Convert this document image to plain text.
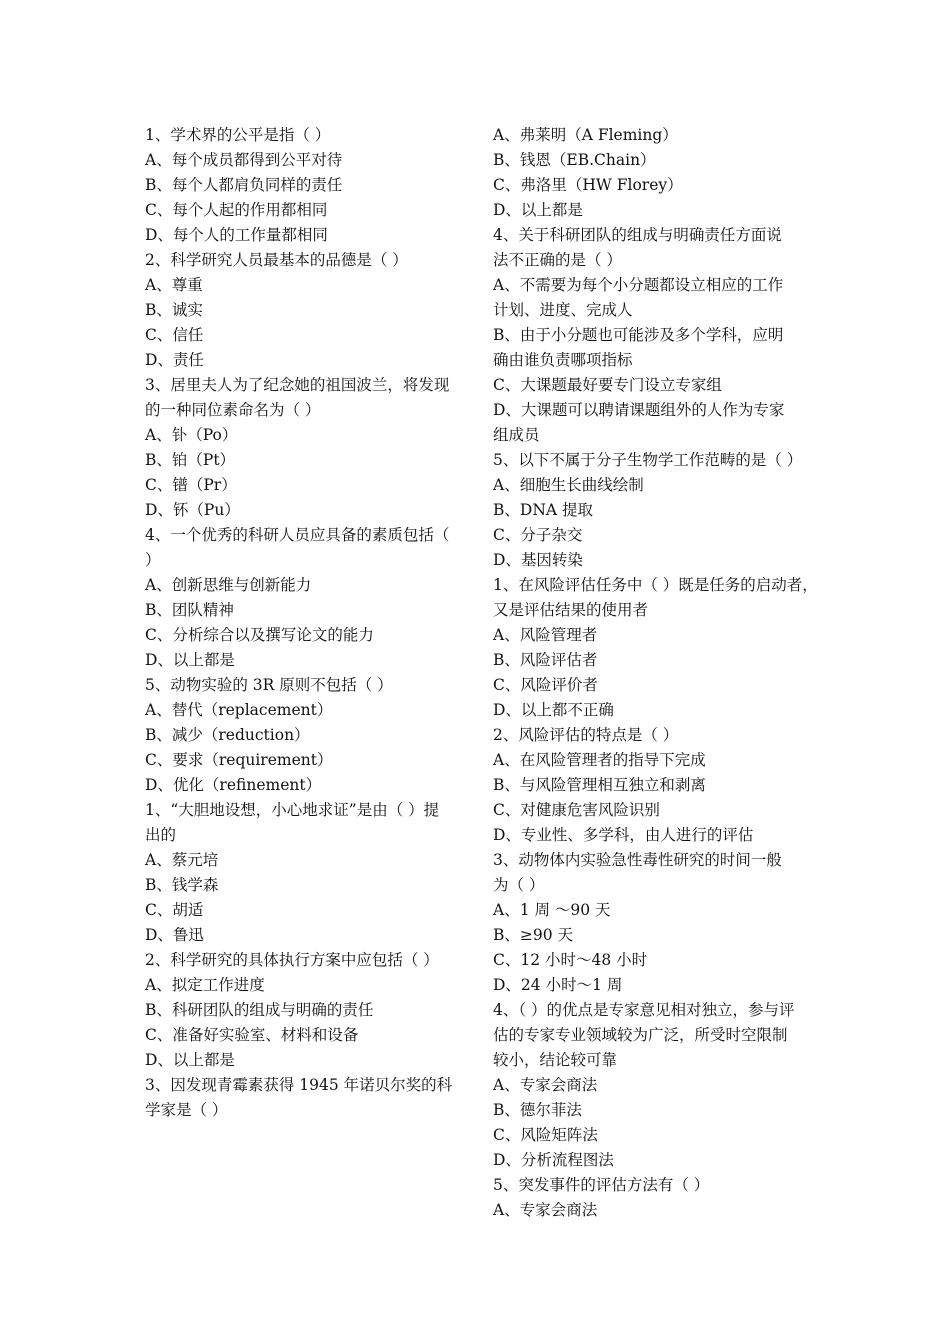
1、学术界的公平是指（ ）
A、每个成员都得到公平对待
B、每个人都肩负同样的责任
C、每个人起的作用都相同
D、每个人的工作量都相同
2、科学研究人员最基本的品德是（ ）
A、尊重
B、诚实
C、信任
D、责任
3、居里夫人为了纪念她的祖国波兰，将发现
的一种同位素命名为（ ）
A、钋（Po）
B、铂（Pt）
C、镨（Pr）
D、钚（Pu）
4、一个优秀的科研人员应具备的素质包括（
）
A、创新思维与创新能力
B、团队精神
C、分析综合以及撰写论文的能力
D、以上都是
5、动物实验的 3R 原则不包括（ ）
A、替代（replacement）
B、减少（reduction）
C、要求（requirement）
D、优化（refinement）
1、“大胆地设想，小心地求证”是由（ ）提
出的
A、蔡元培
B、钱学森
C、胡适
D、鲁迅
2、科学研究的具体执行方案中应包括（ ）
A、拟定工作进度
B、科研团队的组成与明确的责任
C、准备好实验室、材料和设备
D、以上都是
3、因发现青霉素获得 1945 年诺贝尔奖的科
学家是（ ）
A、弗莱明（A Fleming）
B、钱恩（EB.Chain）
C、弗洛里（HW Florey）
D、以上都是
4、关于科研团队的组成与明确责任方面说
法不正确的是（ ）
A、不需要为每个小分题都设立相应的工作
计划、进度、完成人
B、由于小分题也可能涉及多个学科，应明
确由谁负责哪项指标
C、大课题最好要专门设立专家组
D、大课题可以聘请课题组外的人作为专家
组成员
5、以下不属于分子生物学工作范畴的是（ ）
A、细胞生长曲线绘制
B、DNA 提取
C、分子杂交
D、基因转染
1、在风险评估任务中（ ）既是任务的启动者，
又是评估结果的使用者
A、风险管理者
B、风险评估者
C、风险评价者
D、以上都不正确
2、风险评估的特点是（ ）
A、在风险管理者的指导下完成
B、与风险管理相互独立和剥离
C、对健康危害风险识别
D、专业性、多学科，由人进行的评估
3、动物体内实验急性毒性研究的时间一般
为（ ）
A、1 周 ～90 天
B、≥90 天
C、12 小时～48 小时
D、24 小时～1 周
4、（ ）的优点是专家意见相对独立，参与评
估的专家专业领域较为广泛，所受时空限制
较小，结论较可靠
A、专家会商法
B、德尔菲法
C、风险矩阵法
D、分析流程图法
5、突发事件的评估方法有（ ）
A、专家会商法
